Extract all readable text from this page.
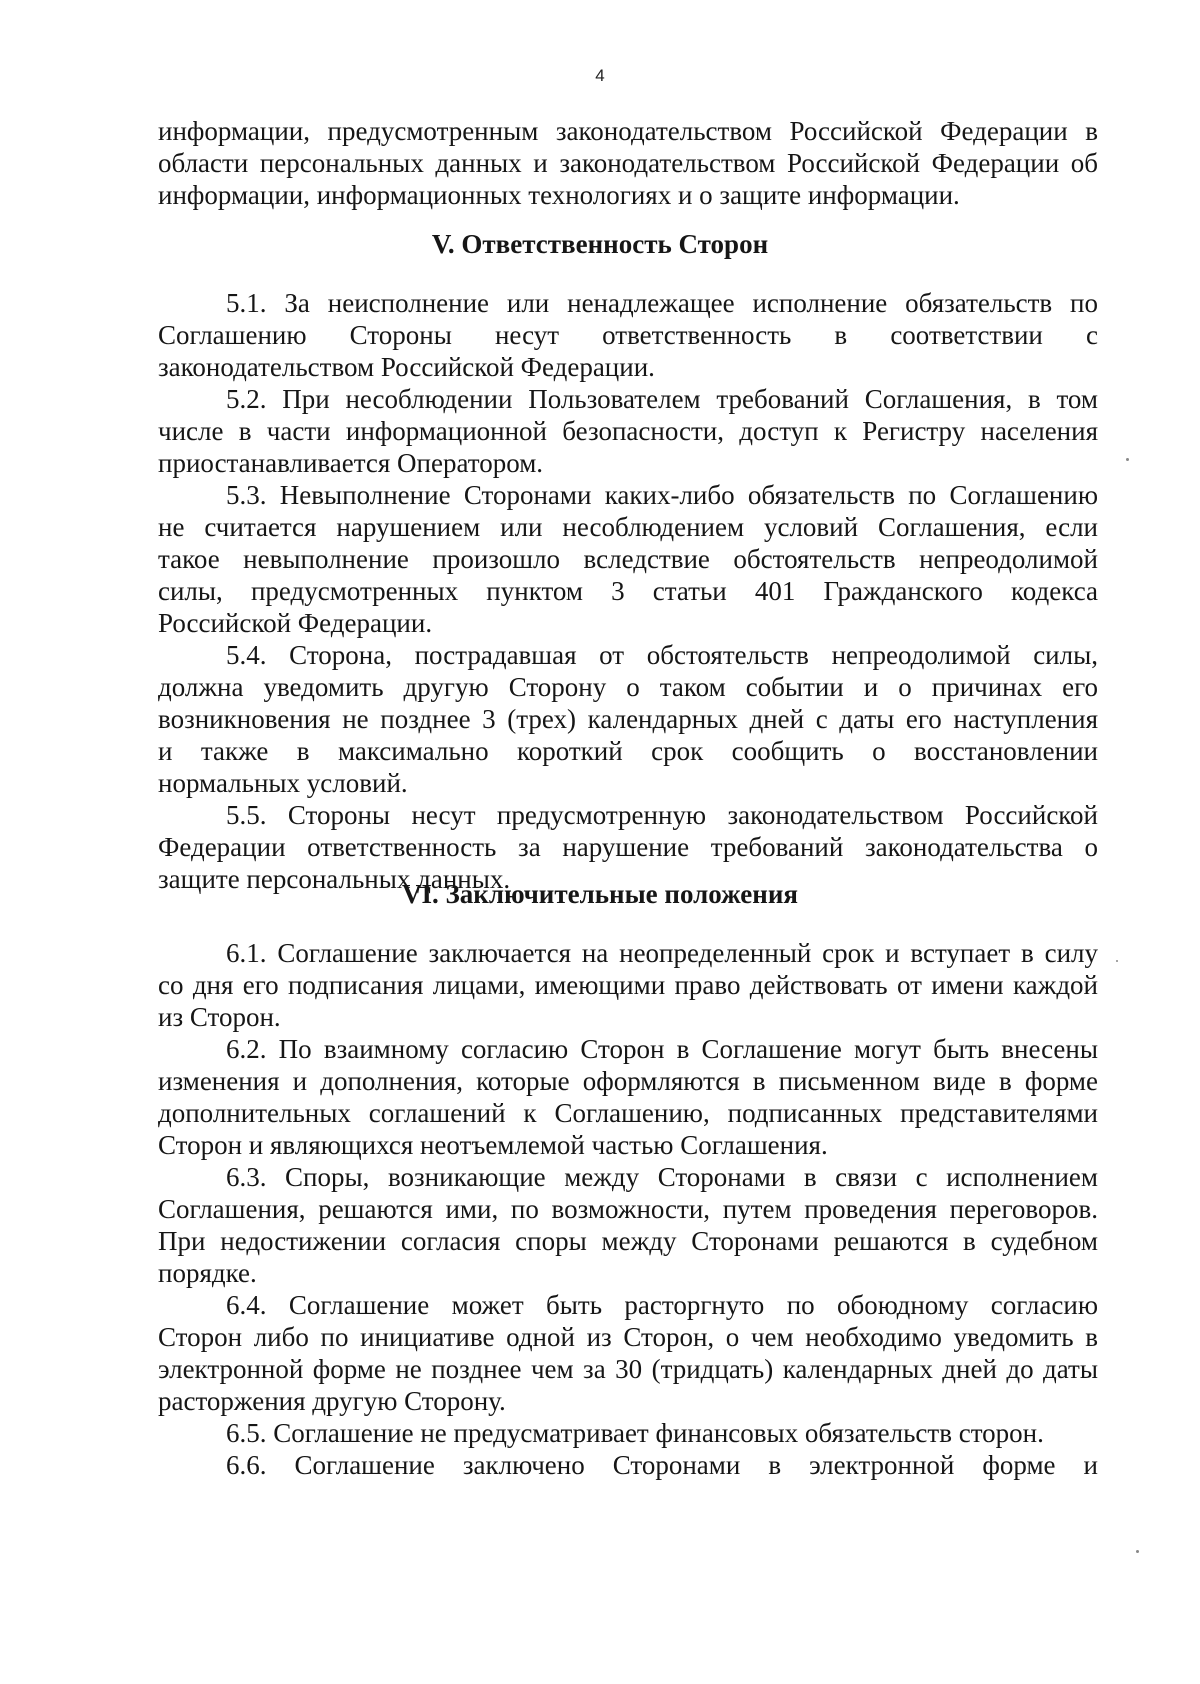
4
информации, предусмотренным законодательством Российской Федерации в
области персональных данных и законодательством Российской Федерации об
информации, информационных технологиях и о защите информации.
V. Ответственность Сторон
5.1. За неисполнение или ненадлежащее исполнение обязательств по
Соглашению Стороны несут ответственность в соответствии с
законодательством Российской Федерации.
5.2. При несоблюдении Пользователем требований Соглашения, в том
числе в части информационной безопасности, доступ к Регистру населения
приостанавливается Оператором.
5.3. Невыполнение Сторонами каких-либо обязательств по Соглашению
не считается нарушением или несоблюдением условий Соглашения, если
такое невыполнение произошло вследствие обстоятельств непреодолимой
силы, предусмотренных пунктом 3 статьи 401 Гражданского кодекса
Российской Федерации.
5.4. Сторона, пострадавшая от обстоятельств непреодолимой силы,
должна уведомить другую Сторону о таком событии и о причинах его
возникновения не позднее 3 (трех) календарных дней с даты его наступления
и также в максимально короткий срок сообщить о восстановлении
нормальных условий.
5.5. Стороны несут предусмотренную законодательством Российской
Федерации ответственность за нарушение требований законодательства о
защите персональных данных.
VI. Заключительные положения
6.1. Соглашение заключается на неопределенный срок и вступает в силу
со дня его подписания лицами, имеющими право действовать от имени каждой
из Сторон.
6.2. По взаимному согласию Сторон в Соглашение могут быть внесены
изменения и дополнения, которые оформляются в письменном виде в форме
дополнительных соглашений к Соглашению, подписанных представителями
Сторон и являющихся неотъемлемой частью Соглашения.
6.3. Споры, возникающие между Сторонами в связи с исполнением
Соглашения, решаются ими, по возможности, путем проведения переговоров.
При недостижении согласия споры между Сторонами решаются в судебном
порядке.
6.4. Соглашение может быть расторгнуто по обоюдному согласию
Сторон либо по инициативе одной из Сторон, о чем необходимо уведомить в
электронной форме не позднее чем за 30 (тридцать) календарных дней до даты
расторжения другую Сторону.
6.5. Соглашение не предусматривает финансовых обязательств сторон.
6.6. Соглашение заключено Сторонами в электронной форме и
